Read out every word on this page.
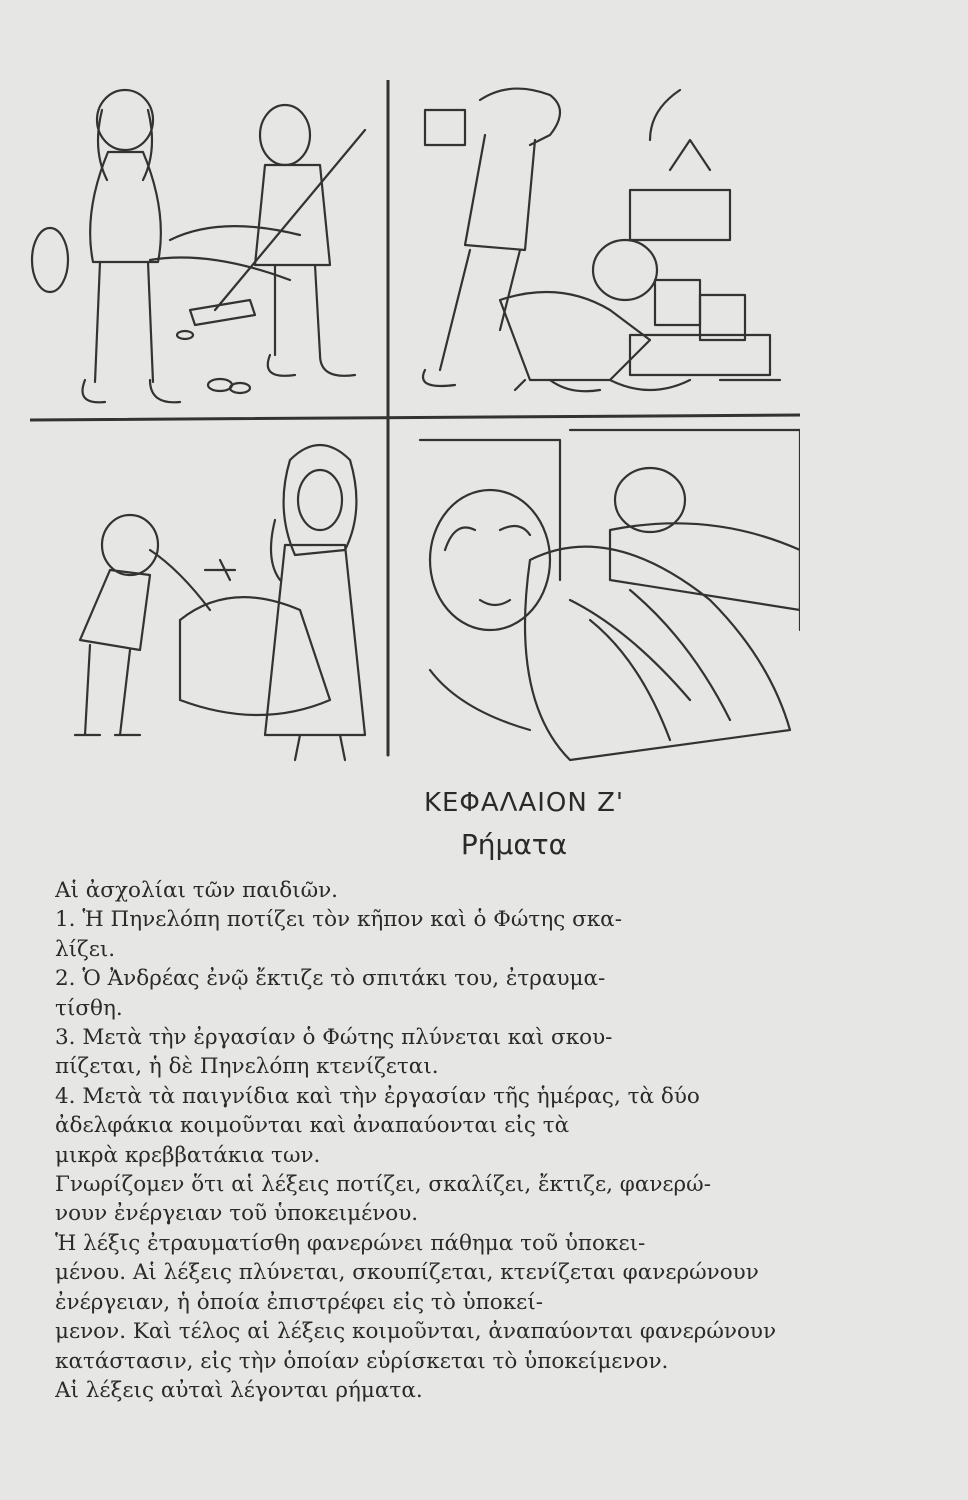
ΚΕΦΑΛΑΙΟΝ Ζ'
Ρήματα
Αἱ ἀσχολίαι τῶν παιδιῶν.
1. Ἡ Πηνελόπη ποτίζει τὸν κῆπον καὶ ὁ Φώτης σκα-
λίζει.
2. Ὁ Ἀνδρέας ἐνῷ ἔκτιζε τὸ σπιτάκι του, ἐτραυμα-
τίσθη.
3. Μετὰ τὴν ἐργασίαν ὁ Φώτης πλύνεται καὶ σκου-
πίζεται, ἡ δὲ Πηνελόπη κτενίζεται.
4. Μετὰ τὰ παιγνίδια καὶ τὴν ἐργασίαν τῆς ἡμέρας, τὰ δύο
ἀδελφάκια κοιμοῦνται καὶ ἀναπαύονται εἰς τὰ
μικρὰ κρεββατάκια των.
Γνωρίζομεν ὅτι αἱ λέξεις ποτίζει, σκαλίζει, ἔκτιζε, φανερώ-
νουν ἐνέργειαν τοῦ ὑποκειμένου.
Ἡ λέξις ἐτραυματίσθη φανερώνει πάθημα τοῦ ὑποκει-
μένου. Αἱ λέξεις πλύνεται, σκουπίζεται, κτενίζεται φανερώνουν
ἐνέργειαν, ἡ ὁποία ἐπιστρέφει εἰς τὸ ὑποκεί-
μενον. Καὶ τέλος αἱ λέξεις κοιμοῦνται, ἀναπαύονται φανερώνουν
κατάστασιν, εἰς τὴν ὁποίαν εὑρίσκεται τὸ ὑποκείμενον.
Αἱ λέξεις αὐταὶ λέγονται ρήματα.
